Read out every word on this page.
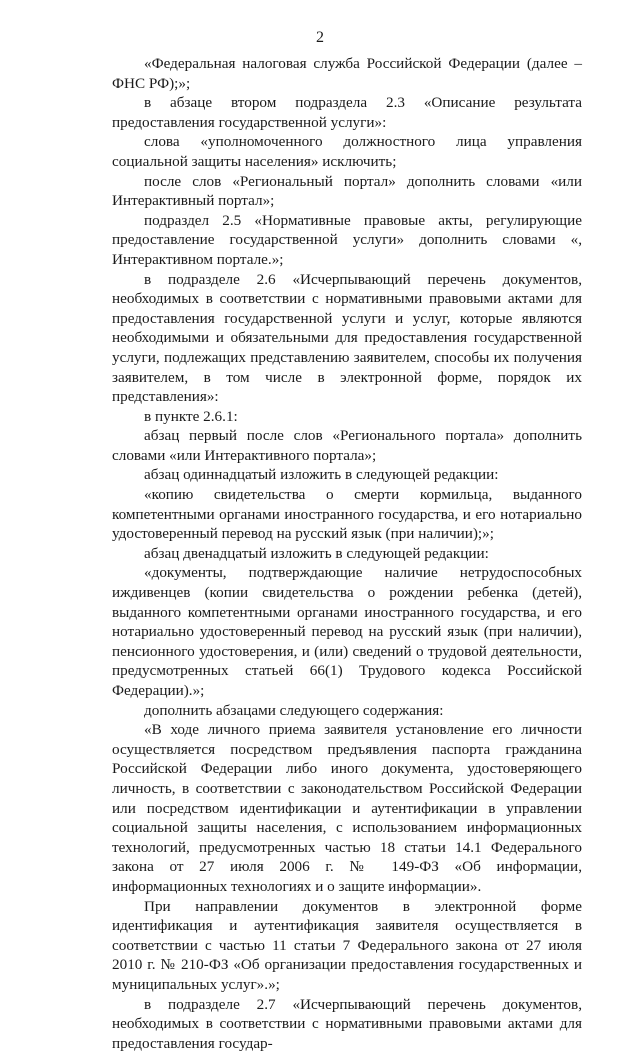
2

«Федеральная налоговая служба Российской Федерации (далее – ФНС РФ);»;

в абзаце втором подраздела 2.3 «Описание результата предоставления государственной услуги»:

слова «уполномоченного должностного лица управления социальной защиты населения» исключить;

после слов «Региональный портал» дополнить словами «или Интерактивный портал»;

подраздел 2.5 «Нормативные правовые акты, регулирующие предоставление государственной услуги» дополнить словами «, Интерактивном портале.»;

в подразделе 2.6 «Исчерпывающий перечень документов, необходимых в соответствии с нормативными правовыми актами для предоставления государственной услуги и услуг, которые являются необходимыми и обязательными для предоставления государственной услуги, подлежащих представлению заявителем, способы их получения заявителем, в том числе в электронной форме, порядок их представления»:

в пункте 2.6.1:

абзац первый после слов «Регионального портала» дополнить словами «или Интерактивного портала»;

абзац одиннадцатый изложить в следующей редакции:

«копию свидетельства о смерти кормильца, выданного компетентными органами иностранного государства, и его нотариально удостоверенный перевод на русский язык (при наличии);»;

абзац двенадцатый изложить в следующей редакции:

«документы, подтверждающие наличие нетрудоспособных иждивенцев (копии свидетельства о рождении ребенка (детей), выданного компетентными органами иностранного государства, и его нотариально удостоверенный перевод на русский язык (при наличии), пенсионного удостоверения, и (или) сведений о трудовой деятельности, предусмотренных статьей 66(1) Трудового кодекса Российской Федерации).»;

дополнить абзацами следующего содержания:

«В ходе личного приема заявителя установление его личности осуществляется посредством предъявления паспорта гражданина Российской Федерации либо иного документа, удостоверяющего личность, в соответствии с законодательством Российской Федерации или посредством идентификации и аутентификации в управлении социальной защиты населения, с использованием информационных технологий, предусмотренных частью 18 статьи 14.1 Федерального закона от 27 июля 2006 г. № 149-ФЗ «Об информации, информационных технологиях и о защите информации».

При направлении документов в электронной форме идентификация и аутентификация заявителя осуществляется в соответствии с частью 11 статьи 7 Федерального закона от 27 июля 2010 г. № 210-ФЗ «Об организации предоставления государственных и муниципальных услуг».»;

в подразделе 2.7 «Исчерпывающий перечень документов, необходимых в соответствии с нормативными правовыми актами для предоставления государ-
